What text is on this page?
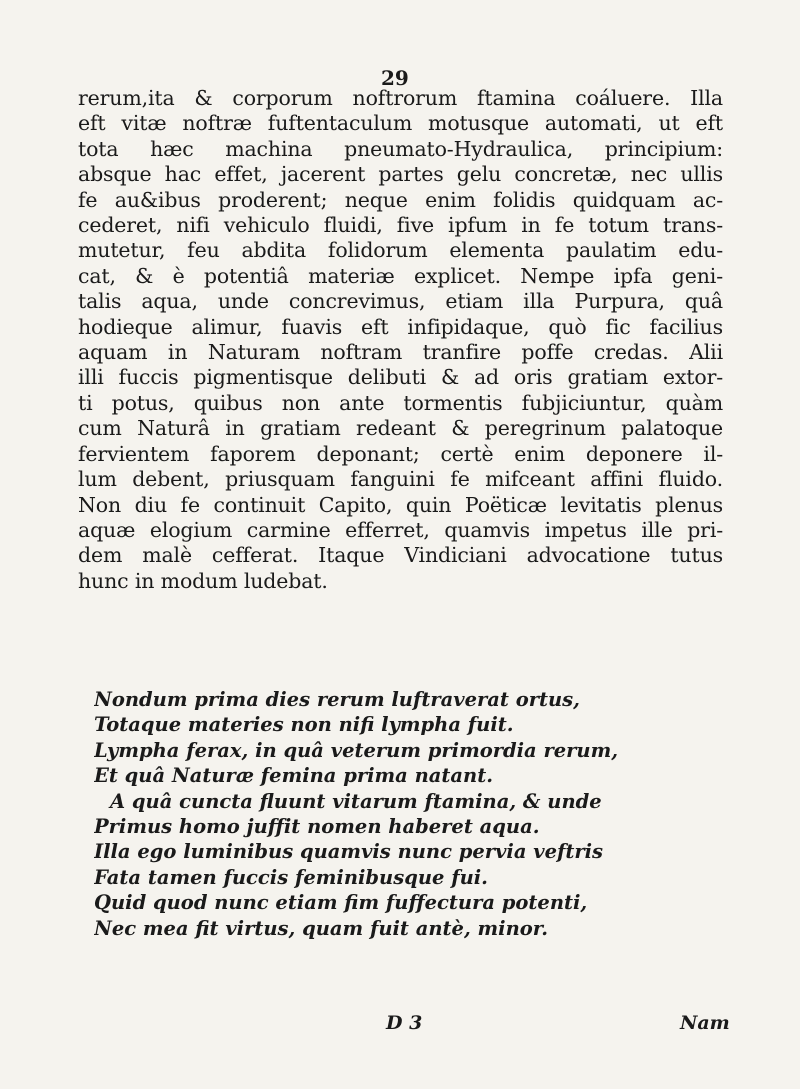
29
rerum,ita & corporum noftrorum ftamina coáluere. Illa
eft vitæ noftræ fuftentaculum motusque automati, ut eft
tota hæc machina pneumato-Hydraulica, principium:
absque hac effet, jacerent partes gelu concretæ, nec ullis
fe au&ibus proderent; neque enim folidis quidquam ac-
cederet, nifi vehiculo fluidi, five ipfum in fe totum trans-
mutetur, feu abdita folidorum elementa paulatim edu-
cat, & è potentiâ materiæ explicet. Nempe ipfa geni-
talis aqua, unde concrevimus, etiam illa Purpura, quâ
hodieque alimur, fuavis eft infipidaque, quò fic facilius
aquam in Naturam noftram tranfire poffe credas. Alii
illi fuccis pigmentisque delibuti & ad oris gratiam extor-
ti potus, quibus non ante tormentis fubjiciuntur, quàm
cum Naturâ in gratiam redeant & peregrinum palatoque
fervientem faporem deponant; certè enim deponere il-
lum debent, priusquam fanguini fe mifceant affini fluido.
Non diu fe continuit Capito, quin Poëticæ levitatis plenus
aquæ elogium carmine efferret, quamvis impetus ille pri-
dem malè cefferat. Itaque Vindiciani advocatione tutus
hunc in modum ludebat.
Nondum prima dies rerum luftraverat ortus,
Totaque materies non nifi lympha fuit.
Lympha ferax, in quâ veterum primordia rerum,
Et quâ Naturæ femina prima natant.
A quâ cuncta fluunt vitarum ftamina, & unde
Primus homo juffit nomen haberet aqua.
Illa ego luminibus quamvis nunc pervia veftris
Fata tamen fuccis feminibusque fui.
Quid quod nunc etiam fim fuffectura potenti,
Nec mea fit virtus, quam fuit antè, minor.
D 3	Nam
